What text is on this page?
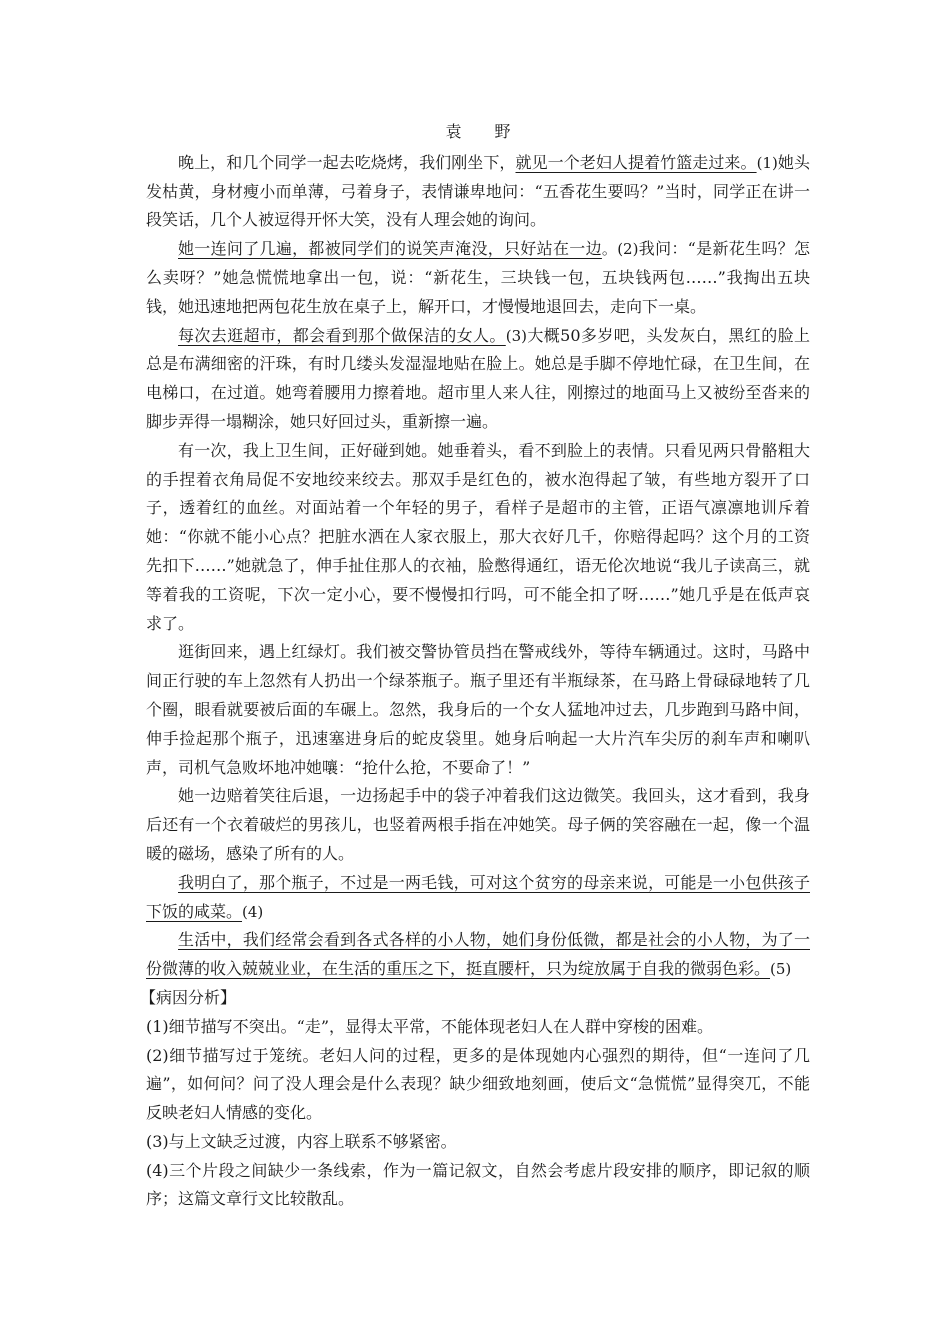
袁 野

晚上，和几个同学一起去吃烧烤，我们刚坐下，就见一个老妇人提着竹篮走过来。(1)她头发枯黄，身材瘦小而单薄，弓着身子，表情谦卑地问：“五香花生要吗？”当时，同学正在讲一段笑话，几个人被逗得开怀大笑，没有人理会她的询问。

她一连问了几遍，都被同学们的说笑声淹没，只好站在一边。(2)我问：“是新花生吗？怎么卖呀？”她急慌慌地拿出一包，说：“新花生，三块钱一包，五块钱两包……”我掏出五块钱，她迅速地把两包花生放在桌子上，解开口，才慢慢地退回去，走向下一桌。

每次去逛超市，都会看到那个做保洁的女人。(3)大概50多岁吧，头发灰白，黑红的脸上总是布满细密的汗珠，有时几缕头发湿湿地贴在脸上。她总是手脚不停地忙碌，在卫生间，在电梯口，在过道。她弯着腰用力擦着地。超市里人来人往，刚擦过的地面马上又被纷至沓来的脚步弄得一塌糊涂，她只好回过头，重新擦一遍。

有一次，我上卫生间，正好碰到她。她垂着头，看不到脸上的表情。只看见两只骨骼粗大的手捏着衣角局促不安地绞来绞去。那双手是红色的，被水泡得起了皱，有些地方裂开了口子，透着红的血丝。对面站着一个年轻的男子，看样子是超市的主管，正语气凛凛地训斥着她：“你就不能小心点？把脏水洒在人家衣服上，那大衣好几千，你赔得起吗？这个月的工资先扣下……”她就急了，伸手扯住那人的衣袖，脸憋得通红，语无伦次地说“我儿子读高三，就等着我的工资呢，下次一定小心，要不慢慢扣行吗，可不能全扣了呀……”她几乎是在低声哀求了。

逛街回来，遇上红绿灯。我们被交警协管员挡在警戒线外，等待车辆通过。这时，马路中间正行驶的车上忽然有人扔出一个绿茶瓶子。瓶子里还有半瓶绿茶，在马路上骨碌碌地转了几个圈，眼看就要被后面的车碾上。忽然，我身后的一个女人猛地冲过去，几步跑到马路中间，伸手捡起那个瓶子，迅速塞进身后的蛇皮袋里。她身后响起一大片汽车尖厉的刹车声和喇叭声，司机气急败坏地冲她嚷：“抢什么抢，不要命了！”

她一边赔着笑往后退，一边扬起手中的袋子冲着我们这边微笑。我回头，这才看到，我身后还有一个衣着破烂的男孩儿，也竖着两根手指在冲她笑。母子俩的笑容融在一起，像一个温暖的磁场，感染了所有的人。

我明白了，那个瓶子，不过是一两毛钱，可对这个贫穷的母亲来说，可能是一小包供孩子下饭的咸菜。(4)

生活中，我们经常会看到各式各样的小人物，她们身份低微，都是社会的小人物，为了一份微薄的收入兢兢业业，在生活的重压之下，挺直腰杆，只为绽放属于自我的微弱色彩。(5)

【病因分析】

(1)细节描写不突出。“走”，显得太平常，不能体现老妇人在人群中穿梭的困难。

(2)细节描写过于笼统。老妇人问的过程，更多的是体现她内心强烈的期待，但“一连问了几遍”，如何问？问了没人理会是什么表现？缺少细致地刻画，使后文“急慌慌”显得突兀，不能反映老妇人情感的变化。

(3)与上文缺乏过渡，内容上联系不够紧密。

(4)三个片段之间缺少一条线索，作为一篇记叙文，自然会考虑片段安排的顺序，即记叙的顺序；这篇文章行文比较散乱。
